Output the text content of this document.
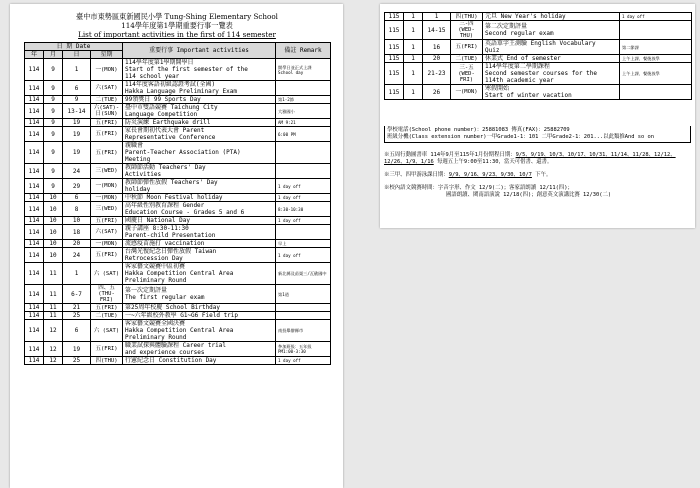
臺中市東勢區東新國民小學 Tung-Shing Elementary School
114學年度第1學期重要行事一覽表
List of important activities in the first of 114 semester
日 期 Date				重要行事 Important activities	備註 Remark
年	月	日	星期		
114	9	1	一(MON)	114學年度第1學期開學日
Start of the first semester of the
114 school year	開學日並正式上課 School day
114	9	6	六(SAT)	114年度客語初級認證考試(全國)
Hakka Language Preliminary Exam	

114	9	9	二(TUE)	99領獎日 99 Sports Day	第1-2節
114	9	13-14	六(SAT)-日(SUN)	臺中市雙語競賽 Taichung City
Language Competition	大雅國小
114	9	19	五(FRI)	防災演練 Earthquake drill	AM 9:21
114	9	19	五(FRI)	家長會期初代表大會 Parent
Representative Conference	6:00 PM
114	9	19	五(FRI)	親職會
Parent-Teacher Association (PTA)
Meeting	

114	9	24	三(WED)	教師節活動 Teachers' Day
Activities	

114	9	29	一(MON)	教師節彈性放假 Teachers' Day
holiday	1 day off
114	10	6	一(MON)	中秋節 Moon Festival holiday	1 day off
114	10	8	三(WED)	高年級性別教育課程 Gender
Education Course - Grades 5 and 6	8:30-10:30
114	10	10	五(FRI)	國慶日 National Day	1 day off
114	10	18	六(SAT)	親子講座 8:30-11:30
Parent-child Presentation	

114	10	20	一(MON)	流感疫苗施打 vaccination	早上
114	10	24	五(FRI)	台灣光復紀念日彈性放假 Taiwan
Retrocession Day	1 day off
114	11	1	六 (SAT)	客家藝文競賽中區初賽
Hakka Competition Central Area
Preliminary Round	新北縣及苗栗三/瓦礁國中
114	11	6-7	四、五(THU-FRI)	第一次定期評量
The first regular exam	第1道
114	11	21	五(FRI)	第25周年校慶 School Birthday	

114	11	25	二(TUE)	一~六年級校外教學 G1~G6 Field trip	

114	12	6	六 (SAT)	客家藝文競賽全國決賽
Hakka Competition Central Area
Preliminary Round	南投舉辦縣市
114	12	19	五(FRI)	職業試探與體驗課程 Career trial
and experience courses	參加班級：五年級 PM1:00-3:30
114	12	25	四(THU)	行憲紀念日 Constitution Day	1 day off
115	1	1	四(THU)	元旦 New Year's holiday	1 day off
115	1	14-15	三-四(WED-THU)	第二次定期評量
Second regular exam	

115	1	16	五(FRI)	英語單字王測驗 English Vocabulary
Quiz	第二節課
115	1	20	二(TUE)	休業式 End of semester	上午上課、餐後放學
115	1	21-23	三-五(WED-FRI)	114學年度第二學期課程
Second semester courses for the
114th academic year	上午上課、餐後放學
115	1	26	一(MON)	寒假開始
Start of winter vacation	

學校電話(School phone number)：25881083 傳真(FAX)：25882709
班級分機(Class extension number)一甲Grade1-1：101 二甲Grade2-1：201...以此類推And so on

※五周行動圖書車 114年9月至115年1月份期程日期：9/5、9/19、10/3、10/17、10/31、11/14、11/28、12/12、12/26、1/9、1/16 每週五上午9:00至11:30，當天可借書、還書。

※三甲、四甲游泳課日期：9/9、9/16、9/23、9/30、10/7 下午。

※校內語文競賽時間：字音字形、作文 12/9(二)；客家語朗讀 12/11(四)；
國語朗讀、閩南語演說 12/18(四)；創意英文演講比賽 12/30(二)
